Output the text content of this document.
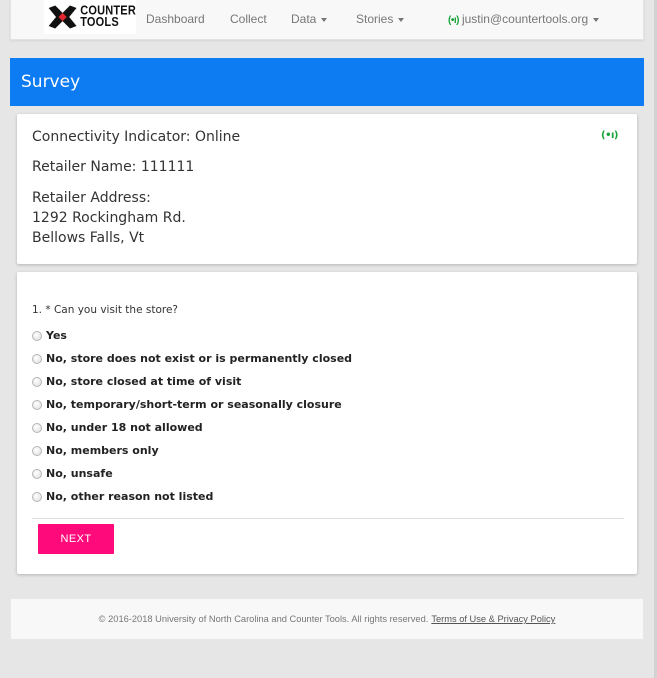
COUNTER
TOOLS	Dashboard Collect Data	Stories	(•ı) justin@countertools.org
Survey
Connectivity Indicator: Online	(•ı)
Retailer Name: 111111
Retailer Address:
1292 Rockingham Rd.
Bellows Falls, Vt
1. * Can you visit the store?
Yes
No, store does not exist or is permanently closed
No, store closed at time of visit
No, temporary/short-term or seasonally closure
No, under 18 not allowed
No, members only
No, unsafe
No, other reason not listed
NEXT
© 2016-2018 University of North Carolina and Counter Tools. All rights reserved. Terms of Use & Privacy Policy
